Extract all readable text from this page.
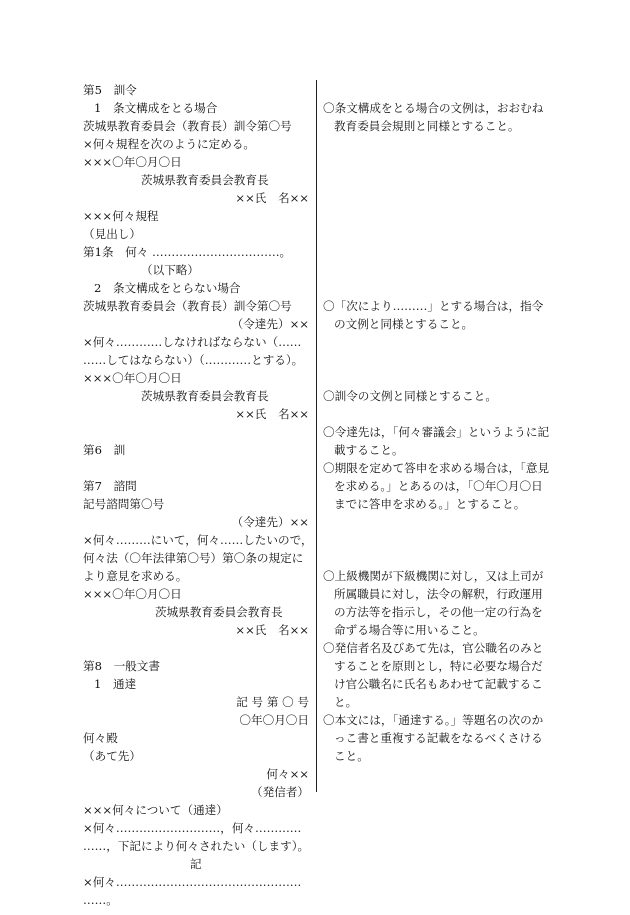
第5　訓令
1　条文構成をとる場合
茨城県教育委員会（教育長）訓令第〇号
×何々規程を次のように定める。
×××〇年〇月〇日
茨城県教育委員会教育長
××氏　名××
×××何々規程
（見出し）
第1条　何々 ……………………………。
（以下略）
2　条文構成をとらない場合
茨城県教育委員会（教育長）訓令第〇号
（令達先）××
×何々…………しなければならない（……
……してはならない）（…………とする）。
×××〇年〇月〇日
茨城県教育委員会教育長
××氏　名××
第6　訓
第7　諮問
記号諮問第〇号
（令達先）××
×何々………にいて，何々……したいので，
何々法（〇年法律第〇号）第〇条の規定に
より意見を求める。
×××〇年〇月〇日
茨城県教育委員会教育長
××氏　名××
第8　一般文書
1　通達
記 号 第 〇 号
〇年〇月〇日
何々殿
（あて先）
何々××
（発信者）
×××何々について（通達）
×何々………………………，何々…………
……，下記により何々されたい（します）。
記
×何々…………………………………………
……。
〇条文構成をとる場合の文例は，おおむね教育委員会規則と同様とすること。
〇「次により………」とする場合は，指令の文例と同様とすること。
〇訓令の文例と同様とすること。
〇令達先は，「何々審議会」というように記載すること。
〇期限を定めて答申を求める場合は，「意見を求める。」とあるのは，「〇年〇月〇日までに答申を求める。」とすること。
〇上級機関が下級機関に対し，又は上司が所属職員に対し，法令の解釈，行政運用の方法等を指示し，その他一定の行為を命ずる場合等に用いること。
〇発信者名及びあて先は，官公職名のみとすることを原則とし，特に必要な場合だけ官公職名に氏名もあわせて記載すること。
〇本文には，「通達する。」等題名の次のかっこ書と重複する記載をなるべくさけること。
